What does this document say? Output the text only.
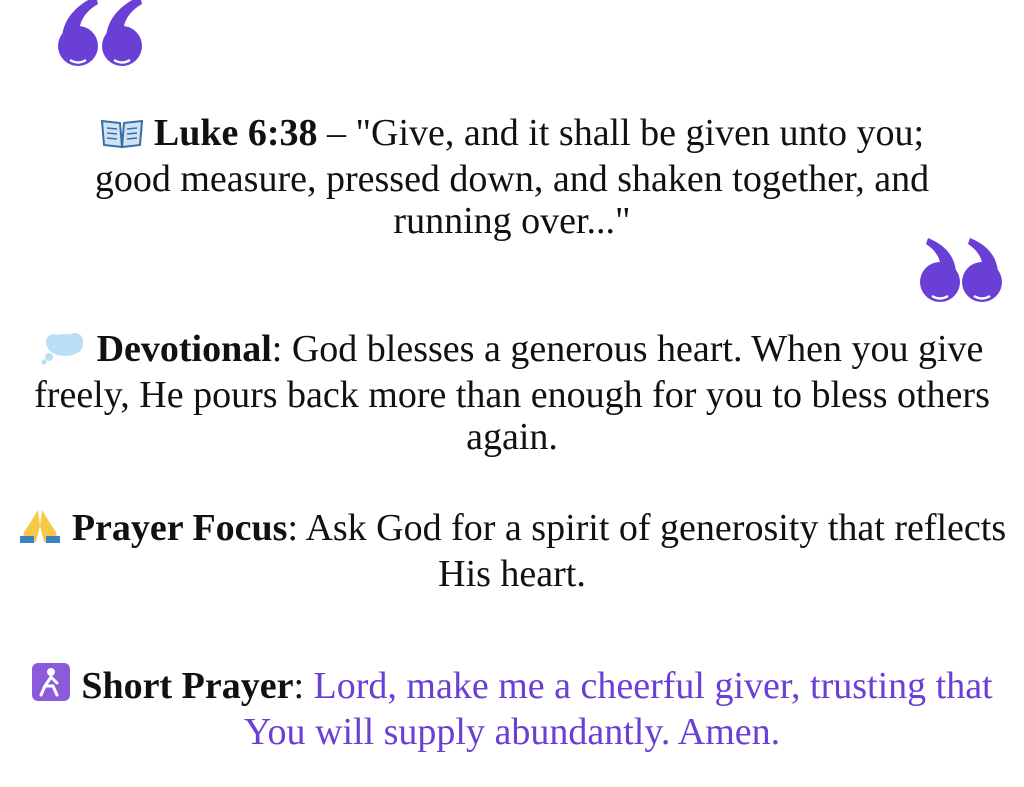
Luke 6:38 – "Give, and it shall be given unto you; good measure, pressed down, and shaken together, and running over..."
Devotional: God blesses a generous heart. When you give freely, He pours back more than enough for you to bless others again.
Prayer Focus: Ask God for a spirit of generosity that reflects His heart.
Short Prayer: Lord, make me a cheerful giver, trusting that You will supply abundantly. Amen.
